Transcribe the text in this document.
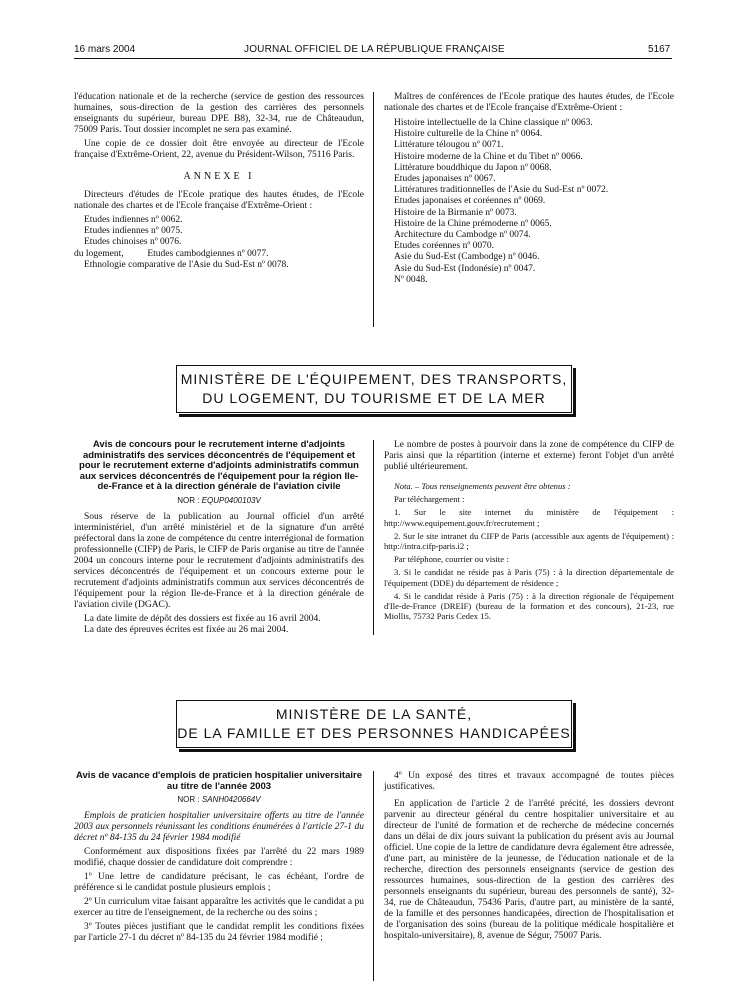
16 mars 2004	JOURNAL OFFICIEL DE LA RÉPUBLIQUE FRANÇAISE	5167

l'éducation nationale et de la recherche (service de gestion des ressources humaines, sous-direction de la gestion des carrières des personnels enseignants du supérieur, bureau DPE B8), 32-34, rue de Châteaudun, 75009 Paris. Tout dossier incomplet ne sera pas examiné.

Une copie de ce dossier doit être envoyée au directeur de l'Ecole française d'Extrême-Orient, 22, avenue du Président-Wilson, 75116 Paris.

ANNEXE I

Directeurs d'études de l'Ecole pratique des hautes études, de l'Ecole nationale des chartes et de l'Ecole française d'Extrême-Orient :

Etudes indiennes nº 0062.
Etudes indiennes nº 0075.
Etudes chinoises nº 0076.
du logement,          Etudes cambodgiennes nº 0077.
Ethnologie comparative de l'Asie du Sud-Est nº 0078.

Maîtres de conférences de l'Ecole pratique des hautes études, de l'Ecole nationale des chartes et de l'Ecole française d'Extrême-Orient :

Histoire intellectuelle de la Chine classique nº 0063.
Histoire culturelle de la Chine nº 0064.
Littérature télougou nº 0071.
Histoire moderne de la Chine et du Tibet nº 0066.
Littérature bouddhique du Japon nº 0068.
Etudes japonaises nº 0067.
Littératures traditionnelles de l'Asie du Sud-Est nº 0072.
Etudes japonaises et coréennes nº 0069.
Histoire de la Birmanie nº 0073.
Histoire de la Chine prémoderne nº 0065.
Architecture du Cambodge nº 0074.
Etudes coréennes nº 0070.
Asie du Sud-Est (Cambodge) nº 0046.
Asie du Sud-Est (Indonésie) nº 0047.
Nº 0048.
MINISTÈRE DE L'ÉQUIPEMENT, DES TRANSPORTS,
DU LOGEMENT, DU TOURISME ET DE LA MER
Avis de concours pour le recrutement interne d'adjoints administratifs des services déconcentrés de l'équipement et pour le recrutement externe d'adjoints administratifs commun aux services déconcentrés de l'équipement pour la région Ile-de-France et à la direction générale de l'aviation civile
NOR : EQUP0400103V

Sous réserve de la publication au Journal officiel d'un arrêté interministériel, d'un arrêté ministériel et de la signature d'un arrêté préfectoral dans la zone de compétence du centre interrégional de formation professionnelle (CIFP) de Paris, le CIFP de Paris organise au titre de l'année 2004 un concours interne pour le recrutement d'adjoints administratifs des services déconcentrés de l'équipement et un concours externe pour le recrutement d'adjoints administratifs commun aux services déconcentrés de l'équipement pour la région Ile-de-France et à la direction générale de l'aviation civile (DGAC).

La date limite de dépôt des dossiers est fixée au 16 avril 2004.

La date des épreuves écrites est fixée au 26 mai 2004.

Le nombre de postes à pourvoir dans la zone de compétence du CIFP de Paris ainsi que la répartition (interne et externe) feront l'objet d'un arrêté publié ultérieurement.

Nota. – Tous renseignements peuvent être obtenus :

Par téléchargement :

1. Sur le site internet du ministère de l'équipement : http://www.equipement.gouv.fr/recrutement ;

2. Sur le site intranet du CIFP de Paris (accessible aux agents de l'équipement) : http://intra.cifp-paris.i2 ;

Par téléphone, courrier ou visite :

3. Si le candidat ne réside pas à Paris (75) : à la direction départementale de l'équipement (DDE) du département de résidence ;

4. Si le candidat réside à Paris (75) : à la direction régionale de l'équipement d'Ile-de-France (DREIF) (bureau de la formation et des concours), 21-23, rue Miollis, 75732 Paris Cedex 15.

MINISTÈRE DE LA SANTÉ,
DE LA FAMILLE ET DES PERSONNES HANDICAPÉES
Avis de vacance d'emplois de praticien hospitalier universitaire au titre de l'année 2003
NOR : SANH0420664V

Emplois de praticien hospitalier universitaire offerts au titre de l'année 2003 aux personnels réunissant les conditions énumérées à l'article 27-1 du décret nº 84-135 du 24 février 1984 modifié

Conformément aux dispositions fixées par l'arrêté du 22 mars 1989 modifié, chaque dossier de candidature doit comprendre :

1º Une lettre de candidature précisant, le cas échéant, l'ordre de préférence si le candidat postule plusieurs emplois ;

2º Un curriculum vitae faisant apparaître les activités que le candidat a pu exercer au titre de l'enseignement, de la recherche ou des soins ;

3º Toutes pièces justifiant que le candidat remplit les conditions fixées par l'article 27-1 du décret nº 84-135 du 24 février 1984 modifié ;

4º Un exposé des titres et travaux accompagné de toutes pièces justificatives.

En application de l'article 2 de l'arrêté précité, les dossiers devront parvenir au directeur général du centre hospitalier universitaire et au directeur de l'unité de formation et de recherche de médecine concernés dans un délai de dix jours suivant la publication du présent avis au Journal officiel. Une copie de la lettre de candidature devra également être adressée, d'une part, au ministère de la jeunesse, de l'éducation nationale et de la recherche, direction des personnels enseignants (service de gestion des ressources humaines, sous-direction de la gestion des carrières des personnels enseignants du supérieur, bureau des personnels de santé), 32-34, rue de Châteaudun, 75436 Paris, d'autre part, au ministère de la santé, de la famille et des personnes handicapées, direction de l'hospitalisation et de l'organisation des soins (bureau de la politique médicale hospitalière et hospitalo-universitaire), 8, avenue de Ségur, 75007 Paris.
